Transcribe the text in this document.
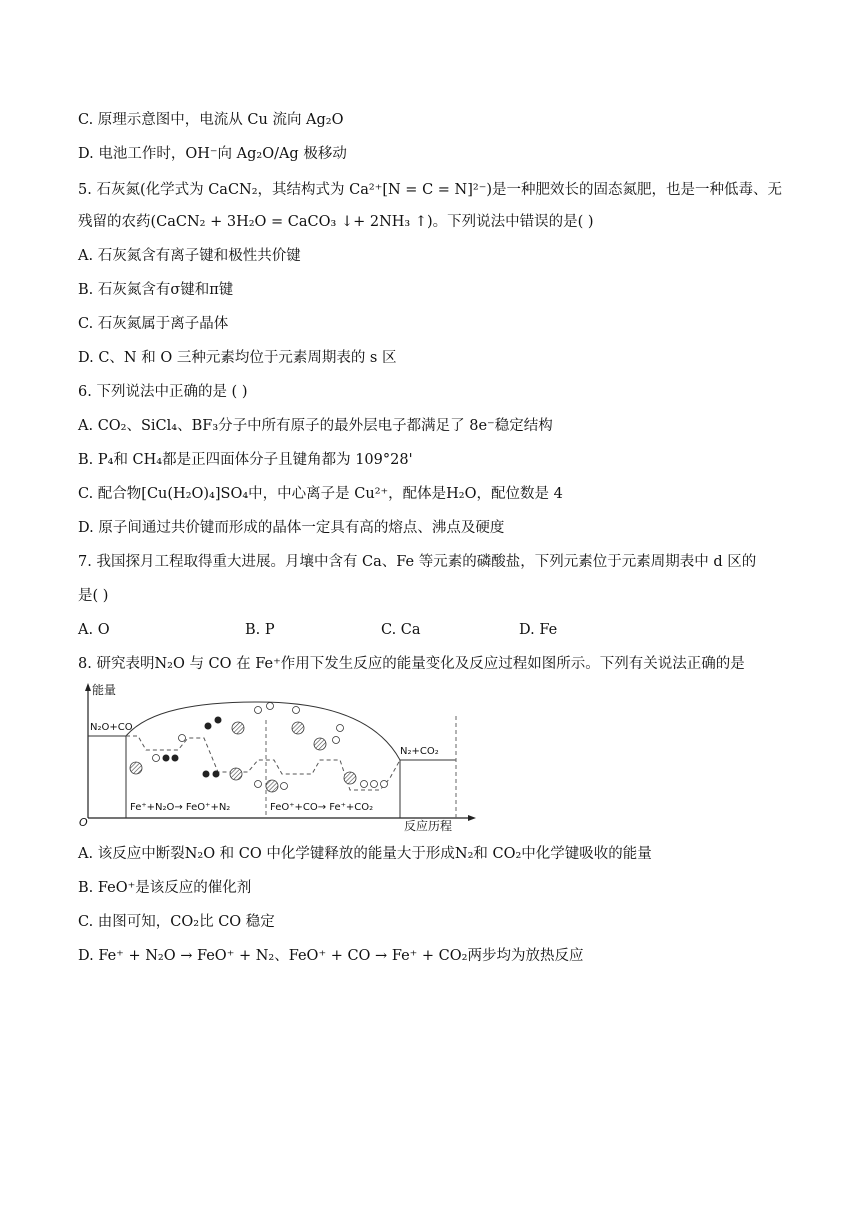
C. 原理示意图中，电流从 Cu 流向 Ag₂O
D. 电池工作时，OH⁻向 Ag₂O/Ag 极移动
5. 石灰氮(化学式为 CaCN₂，其结构式为 Ca²⁺[N = C = N]²⁻)是一种肥效长的固态氮肥，也是一种低毒、无
残留的农药(CaCN₂ + 3H₂O = CaCO₃ ↓+ 2NH₃ ↑)。下列说法中错误的是( )
A. 石灰氮含有离子键和极性共价键
B. 石灰氮含有σ键和π键
C. 石灰氮属于离子晶体
D. C、N 和 O 三种元素均位于元素周期表的 s 区
6. 下列说法中正确的是 ( )
A. CO₂、SiCl₄、BF₃分子中所有原子的最外层电子都满足了 8e⁻稳定结构
B. P₄和 CH₄都是正四面体分子且键角都为 109°28'
C. 配合物[Cu(H₂O)₄]SO₄中，中心离子是 Cu²⁺，配体是H₂O，配位数是 4
D. 原子间通过共价键而形成的晶体一定具有高的熔点、沸点及硬度
7. 我国探月工程取得重大进展。月壤中含有 Ca、Fe 等元素的磷酸盐，下列元素位于元素周期表中 d 区的
是( )
A. O	B. P	C. Ca	D. Fe
8. 研究表明N₂O 与 CO 在 Fe⁺作用下发生反应的能量变化及反应过程如图所示。下列有关说法正确的是
能量
O	反应历程
N₂O+CO
N₂+CO₂
Fe⁺+N₂O→ FeO⁺+N₂	FeO⁺+CO→ Fe⁺+CO₂
A. 该反应中断裂N₂O 和 CO 中化学键释放的能量大于形成N₂和 CO₂中化学键吸收的能量
B. FeO⁺是该反应的催化剂
C. 由图可知，CO₂比 CO 稳定
D. Fe⁺ + N₂O → FeO⁺ + N₂、FeO⁺ + CO → Fe⁺ + CO₂两步均为放热反应
